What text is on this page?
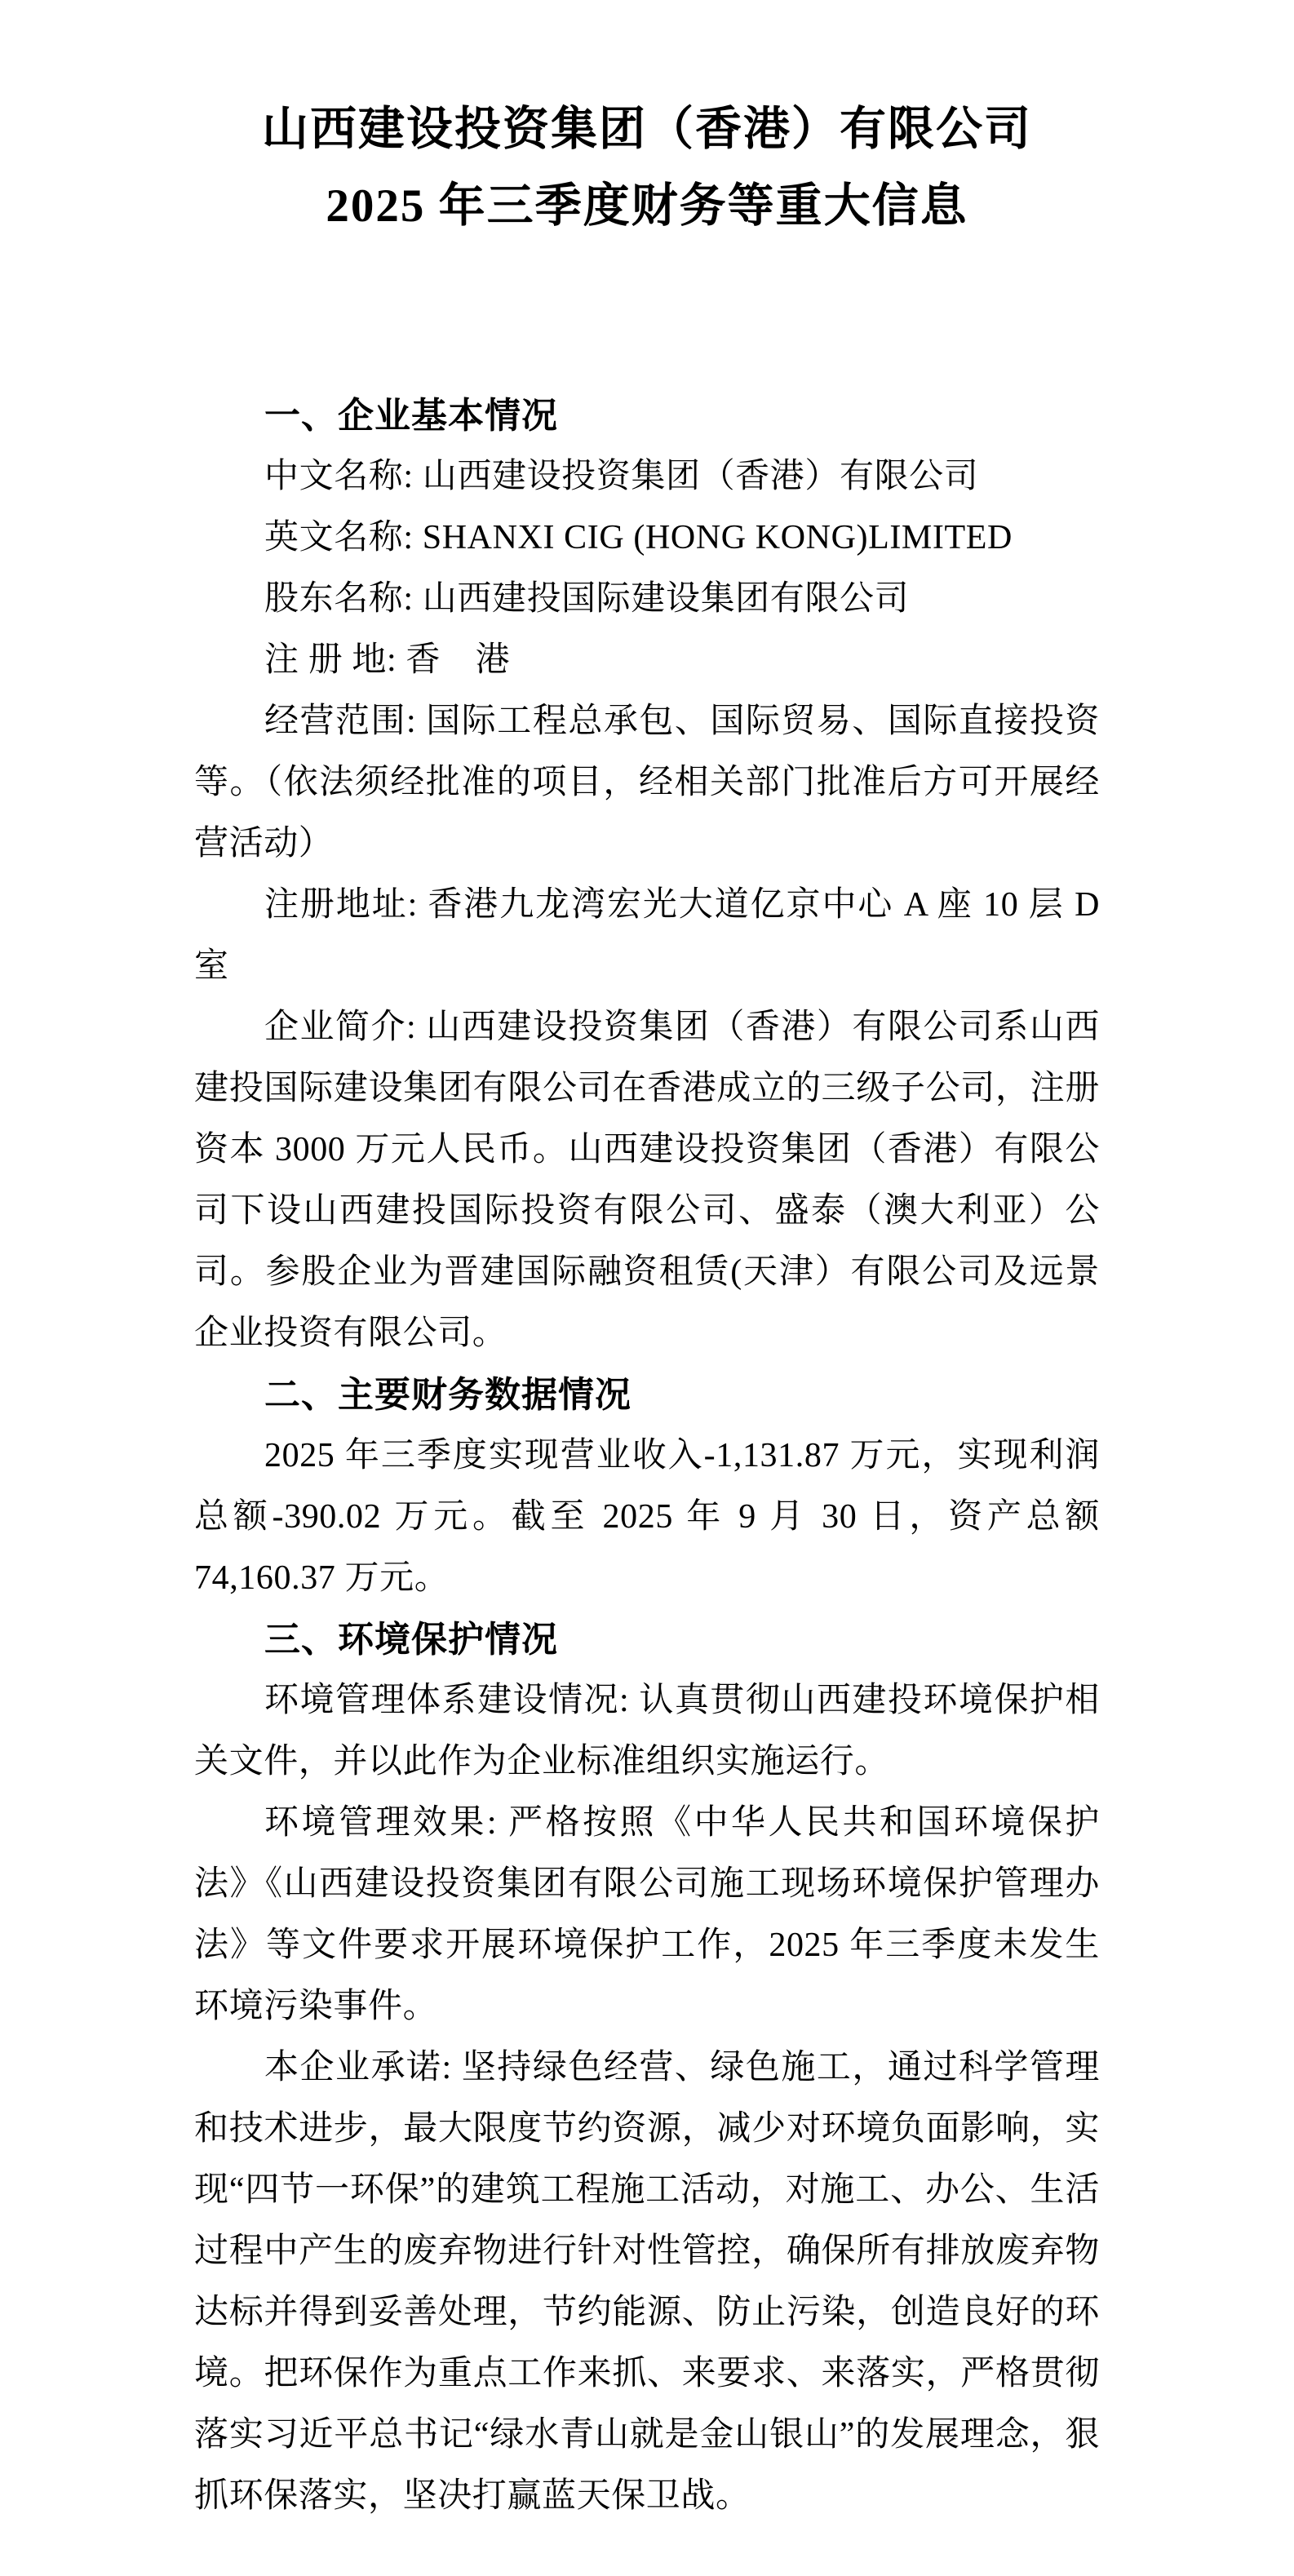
山西建设投资集团（香港）有限公司
2025 年三季度财务等重大信息

一、企业基本情况

中文名称: 山西建设投资集团（香港）有限公司

英文名称: SHANXI CIG (HONG KONG)LIMITED

股东名称: 山西建投国际建设集团有限公司

注 册 地: 香　港

经营范围: 国际工程总承包、国际贸易、国际直接投资等。（依法须经批准的项目，经相关部门批准后方可开展经营活动）

注册地址: 香港九龙湾宏光大道亿京中心 A 座 10 层 D 室

企业简介: 山西建设投资集团（香港）有限公司系山西建投国际建设集团有限公司在香港成立的三级子公司，注册资本 3000 万元人民币。山西建设投资集团（香港）有限公司下设山西建投国际投资有限公司、盛泰（澳大利亚）公司。参股企业为晋建国际融资租赁(天津）有限公司及远景企业投资有限公司。

二、主要财务数据情况

2025 年三季度实现营业收入-1,131.87 万元，实现利润总额-390.02 万元。截至 2025 年 9 月 30 日，资产总额 74,160.37 万元。

三、环境保护情况

环境管理体系建设情况: 认真贯彻山西建投环境保护相关文件，并以此作为企业标准组织实施运行。

环境管理效果: 严格按照《中华人民共和国环境保护法》《山西建设投资集团有限公司施工现场环境保护管理办法》等文件要求开展环境保护工作，2025 年三季度未发生环境污染事件。

本企业承诺: 坚持绿色经营、绿色施工，通过科学管理和技术进步，最大限度节约资源，减少对环境负面影响，实现“四节一环保”的建筑工程施工活动，对施工、办公、生活过程中产生的废弃物进行针对性管控，确保所有排放废弃物达标并得到妥善处理，节约能源、防止污染，创造良好的环境。把环保作为重点工作来抓、来要求、来落实，严格贯彻落实习近平总书记“绿水青山就是金山银山”的发展理念，狠抓环保落实，坚决打赢蓝天保卫战。
